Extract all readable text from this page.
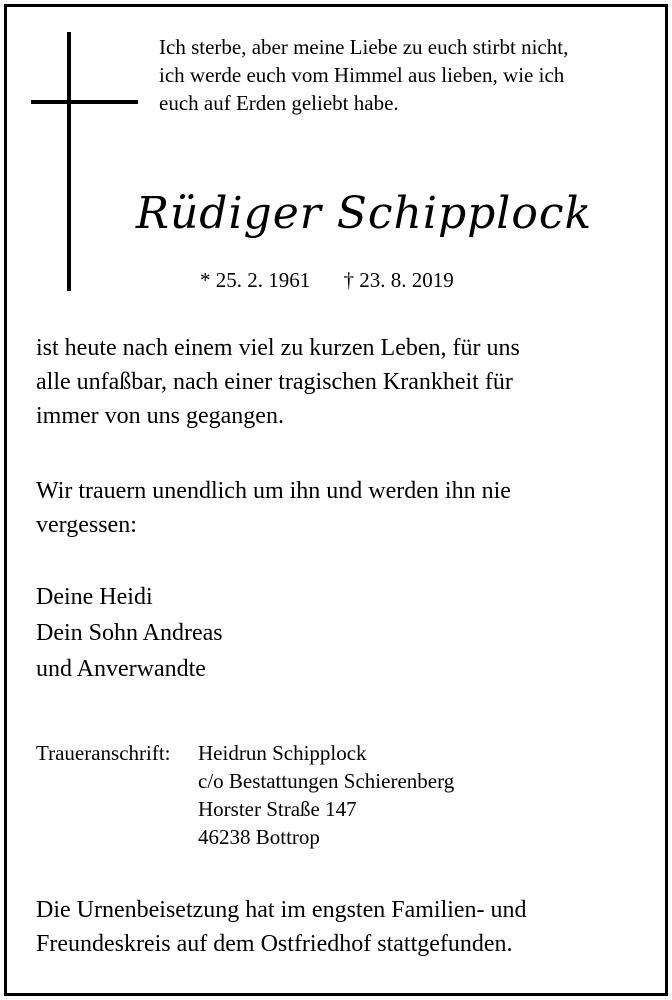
Ich sterbe, aber meine Liebe zu euch stirbt nicht,
ich werde euch vom Himmel aus lieben, wie ich
euch auf Erden geliebt habe.
Rüdiger Schipplock
* 25. 2. 1961 † 23. 8. 2019
ist heute nach einem viel zu kurzen Leben, für uns
alle unfaßbar, nach einer tragischen Krankheit für
immer von uns gegangen.
Wir trauern unendlich um ihn und werden ihn nie
vergessen:
Deine Heidi
Dein Sohn Andreas
und Anverwandte
Traueranschrift: Heidrun Schipplock
c/o Bestattungen Schierenberg
Horster Straße 147
46238 Bottrop
Die Urnenbeisetzung hat im engsten Familien- und
Freundeskreis auf dem Ostfriedhof stattgefunden.
